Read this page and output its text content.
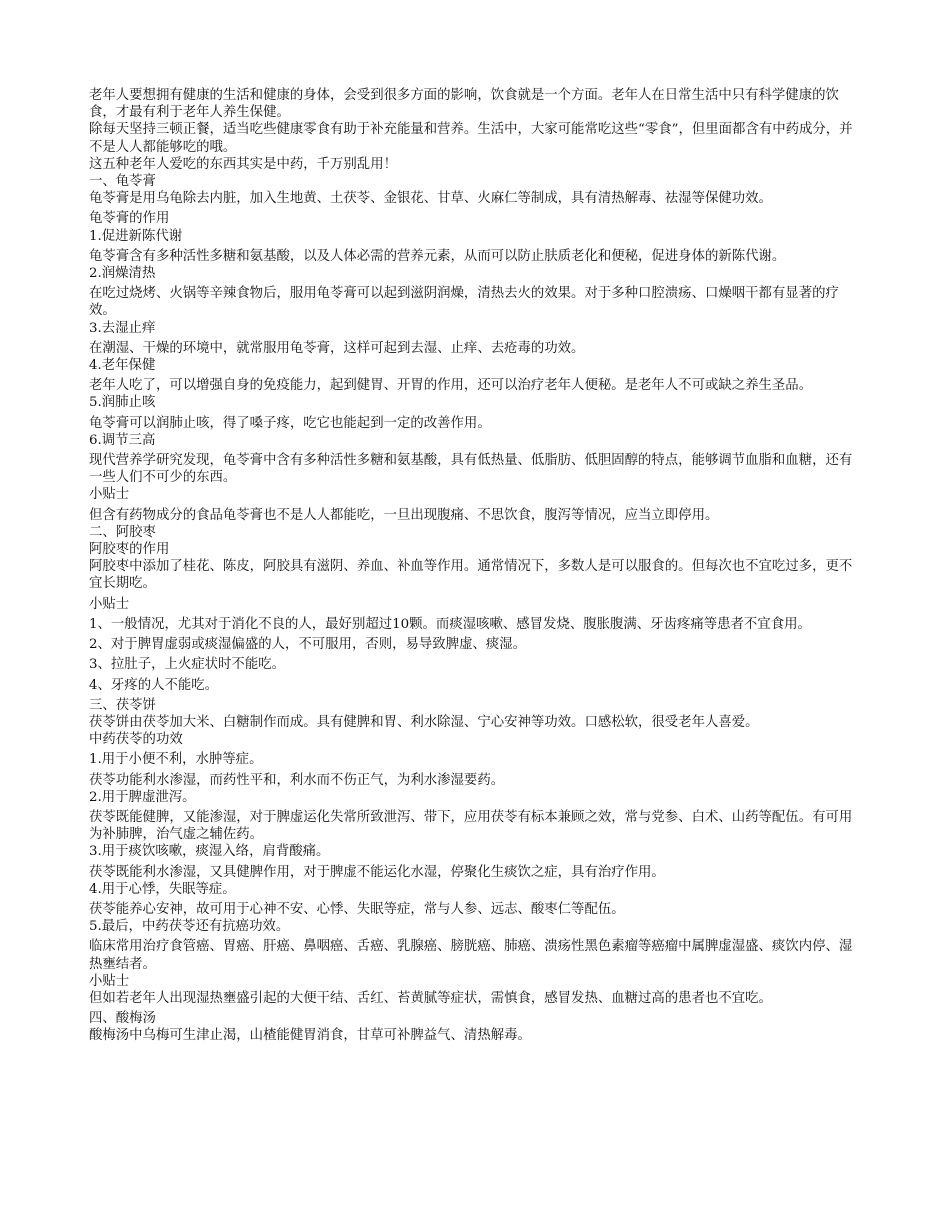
老年人要想拥有健康的生活和健康的身体，会受到很多方面的影响，饮食就是一个方面。老年人在日常生活中只有科学健康的饮食，才最有利于老年人养生保健。

除每天坚持三顿正餐，适当吃些健康零食有助于补充能量和营养。生活中，大家可能常吃这些“零食”，但里面都含有中药成分，并不是人人都能够吃的哦。

这五种老年人爱吃的东西其实是中药，千万别乱用！

一、龟苓膏

龟苓膏是用乌龟除去内脏，加入生地黄、土茯苓、金银花、甘草、火麻仁等制成，具有清热解毒、祛湿等保健功效。

龟苓膏的作用

1.促进新陈代谢

龟苓膏含有多种活性多糖和氨基酸，以及人体必需的营养元素，从而可以防止肤质老化和便秘，促进身体的新陈代谢。

2.润燥清热

在吃过烧烤、火锅等辛辣食物后，服用龟苓膏可以起到滋阴润燥，清热去火的效果。对于多种口腔溃疡、口燥咽干都有显著的疗效。

3.去湿止痒

在潮湿、干燥的环境中，就常服用龟苓膏，这样可起到去湿、止痒、去疮毒的功效。

4.老年保健

老年人吃了，可以增强自身的免疫能力，起到健胃、开胃的作用，还可以治疗老年人便秘。是老年人不可或缺之养生圣品。

5.润肺止咳

龟苓膏可以润肺止咳，得了嗓子疼，吃它也能起到一定的改善作用。

6.调节三高

现代营养学研究发现，龟苓膏中含有多种活性多糖和氨基酸，具有低热量、低脂肪、低胆固醇的特点，能够调节血脂和血糖，还有一些人们不可少的东西。

小贴士

但含有药物成分的食品龟苓膏也不是人人都能吃，一旦出现腹痛、不思饮食，腹泻等情况，应当立即停用。

二、阿胶枣

阿胶枣的作用

阿胶枣中添加了桂花、陈皮，阿胶具有滋阴、养血、补血等作用。通常情况下，多数人是可以服食的。但每次也不宜吃过多，更不宜长期吃。

小贴士

1、一般情况，尤其对于消化不良的人，最好别超过10颗。而痰湿咳嗽、感冒发烧、腹胀腹满、牙齿疼痛等患者不宜食用。

2、对于脾胃虚弱或痰湿偏盛的人，不可服用，否则，易导致脾虚、痰湿。

3、拉肚子，上火症状时不能吃。

4、牙疼的人不能吃。

三、茯苓饼

茯苓饼由茯苓加大米、白糖制作而成。具有健脾和胃、利水除湿、宁心安神等功效。口感松软，很受老年人喜爱。

中药茯苓的功效

1.用于小便不利，水肿等症。

茯苓功能利水渗湿，而药性平和，利水而不伤正气，为利水渗湿要药。

2.用于脾虚泄泻。

茯苓既能健脾，又能渗湿，对于脾虚运化失常所致泄泻、带下，应用茯苓有标本兼顾之效，常与党参、白术、山药等配伍。有可用为补肺脾，治气虚之辅佐药。

3.用于痰饮咳嗽，痰湿入络，肩背酸痛。

茯苓既能利水渗湿，又具健脾作用，对于脾虚不能运化水湿，停聚化生痰饮之症，具有治疗作用。

4.用于心悸，失眠等症。

茯苓能养心安神，故可用于心神不安、心悸、失眠等症，常与人参、远志、酸枣仁等配伍。

5.最后，中药茯苓还有抗癌功效。

临床常用治疗食管癌、胃癌、肝癌、鼻咽癌、舌癌、乳腺癌、膀胱癌、肺癌、溃疡性黑色素瘤等癌瘤中属脾虚湿盛、痰饮内停、湿热壅结者。

小贴士

但如若老年人出现湿热壅盛引起的大便干结、舌红、苔黄腻等症状，需慎食，感冒发热、血糖过高的患者也不宜吃。

四、酸梅汤

酸梅汤中乌梅可生津止渴，山楂能健胃消食，甘草可补脾益气、清热解毒。
